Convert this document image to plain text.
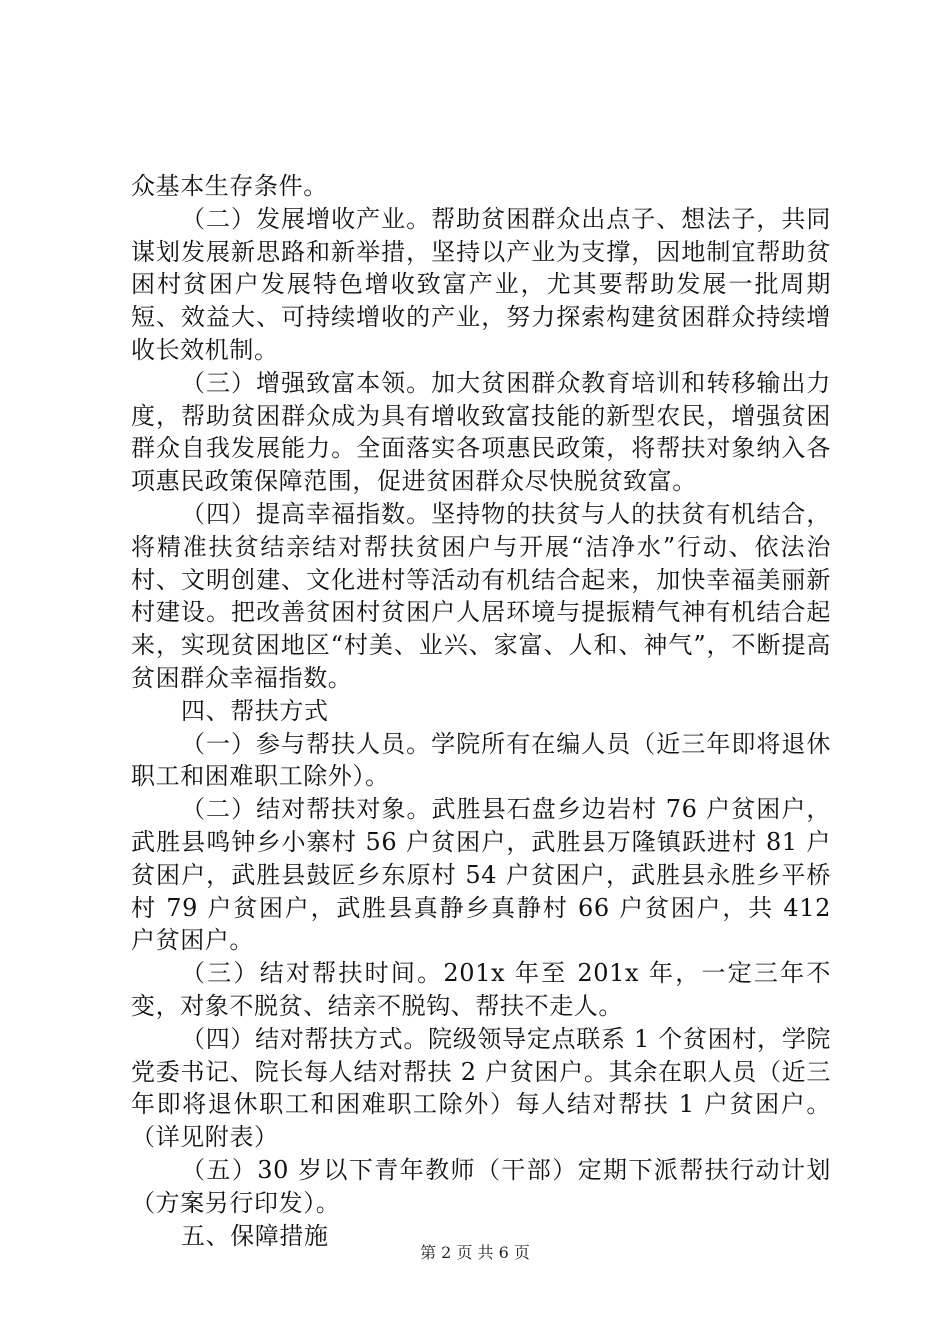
众基本生存条件。

（二）发展增收产业。帮助贫困群众出点子、想法子，共同谋划发展新思路和新举措，坚持以产业为支撑，因地制宜帮助贫困村贫困户发展特色增收致富产业，尤其要帮助发展一批周期短、效益大、可持续增收的产业，努力探索构建贫困群众持续增收长效机制。

（三）增强致富本领。加大贫困群众教育培训和转移输出力度，帮助贫困群众成为具有增收致富技能的新型农民，增强贫困群众自我发展能力。全面落实各项惠民政策，将帮扶对象纳入各项惠民政策保障范围，促进贫困群众尽快脱贫致富。

（四）提高幸福指数。坚持物的扶贫与人的扶贫有机结合，将精准扶贫结亲结对帮扶贫困户与开展“洁净水”行动、依法治村、文明创建、文化进村等活动有机结合起来，加快幸福美丽新村建设。把改善贫困村贫困户人居环境与提振精气神有机结合起来，实现贫困地区“村美、业兴、家富、人和、神气”，不断提高贫困群众幸福指数。

四、帮扶方式

（一）参与帮扶人员。学院所有在编人员（近三年即将退休职工和困难职工除外）。

（二）结对帮扶对象。武胜县石盘乡边岩村 76 户贫困户，武胜县鸣钟乡小寨村 56 户贫困户，武胜县万隆镇跃进村 81 户贫困户，武胜县鼓匠乡东原村 54 户贫困户，武胜县永胜乡平桥村 79 户贫困户，武胜县真静乡真静村 66 户贫困户，共 412 户贫困户。

（三）结对帮扶时间。201x 年至 201x 年，一定三年不变，对象不脱贫、结亲不脱钩、帮扶不走人。

（四）结对帮扶方式。院级领导定点联系 1 个贫困村，学院党委书记、院长每人结对帮扶 2 户贫困户。其余在职人员（近三年即将退休职工和困难职工除外）每人结对帮扶 1 户贫困户。（详见附表）

（五）30 岁以下青年教师（干部）定期下派帮扶行动计划（方案另行印发）。

五、保障措施

第 2 页 共 6 页
